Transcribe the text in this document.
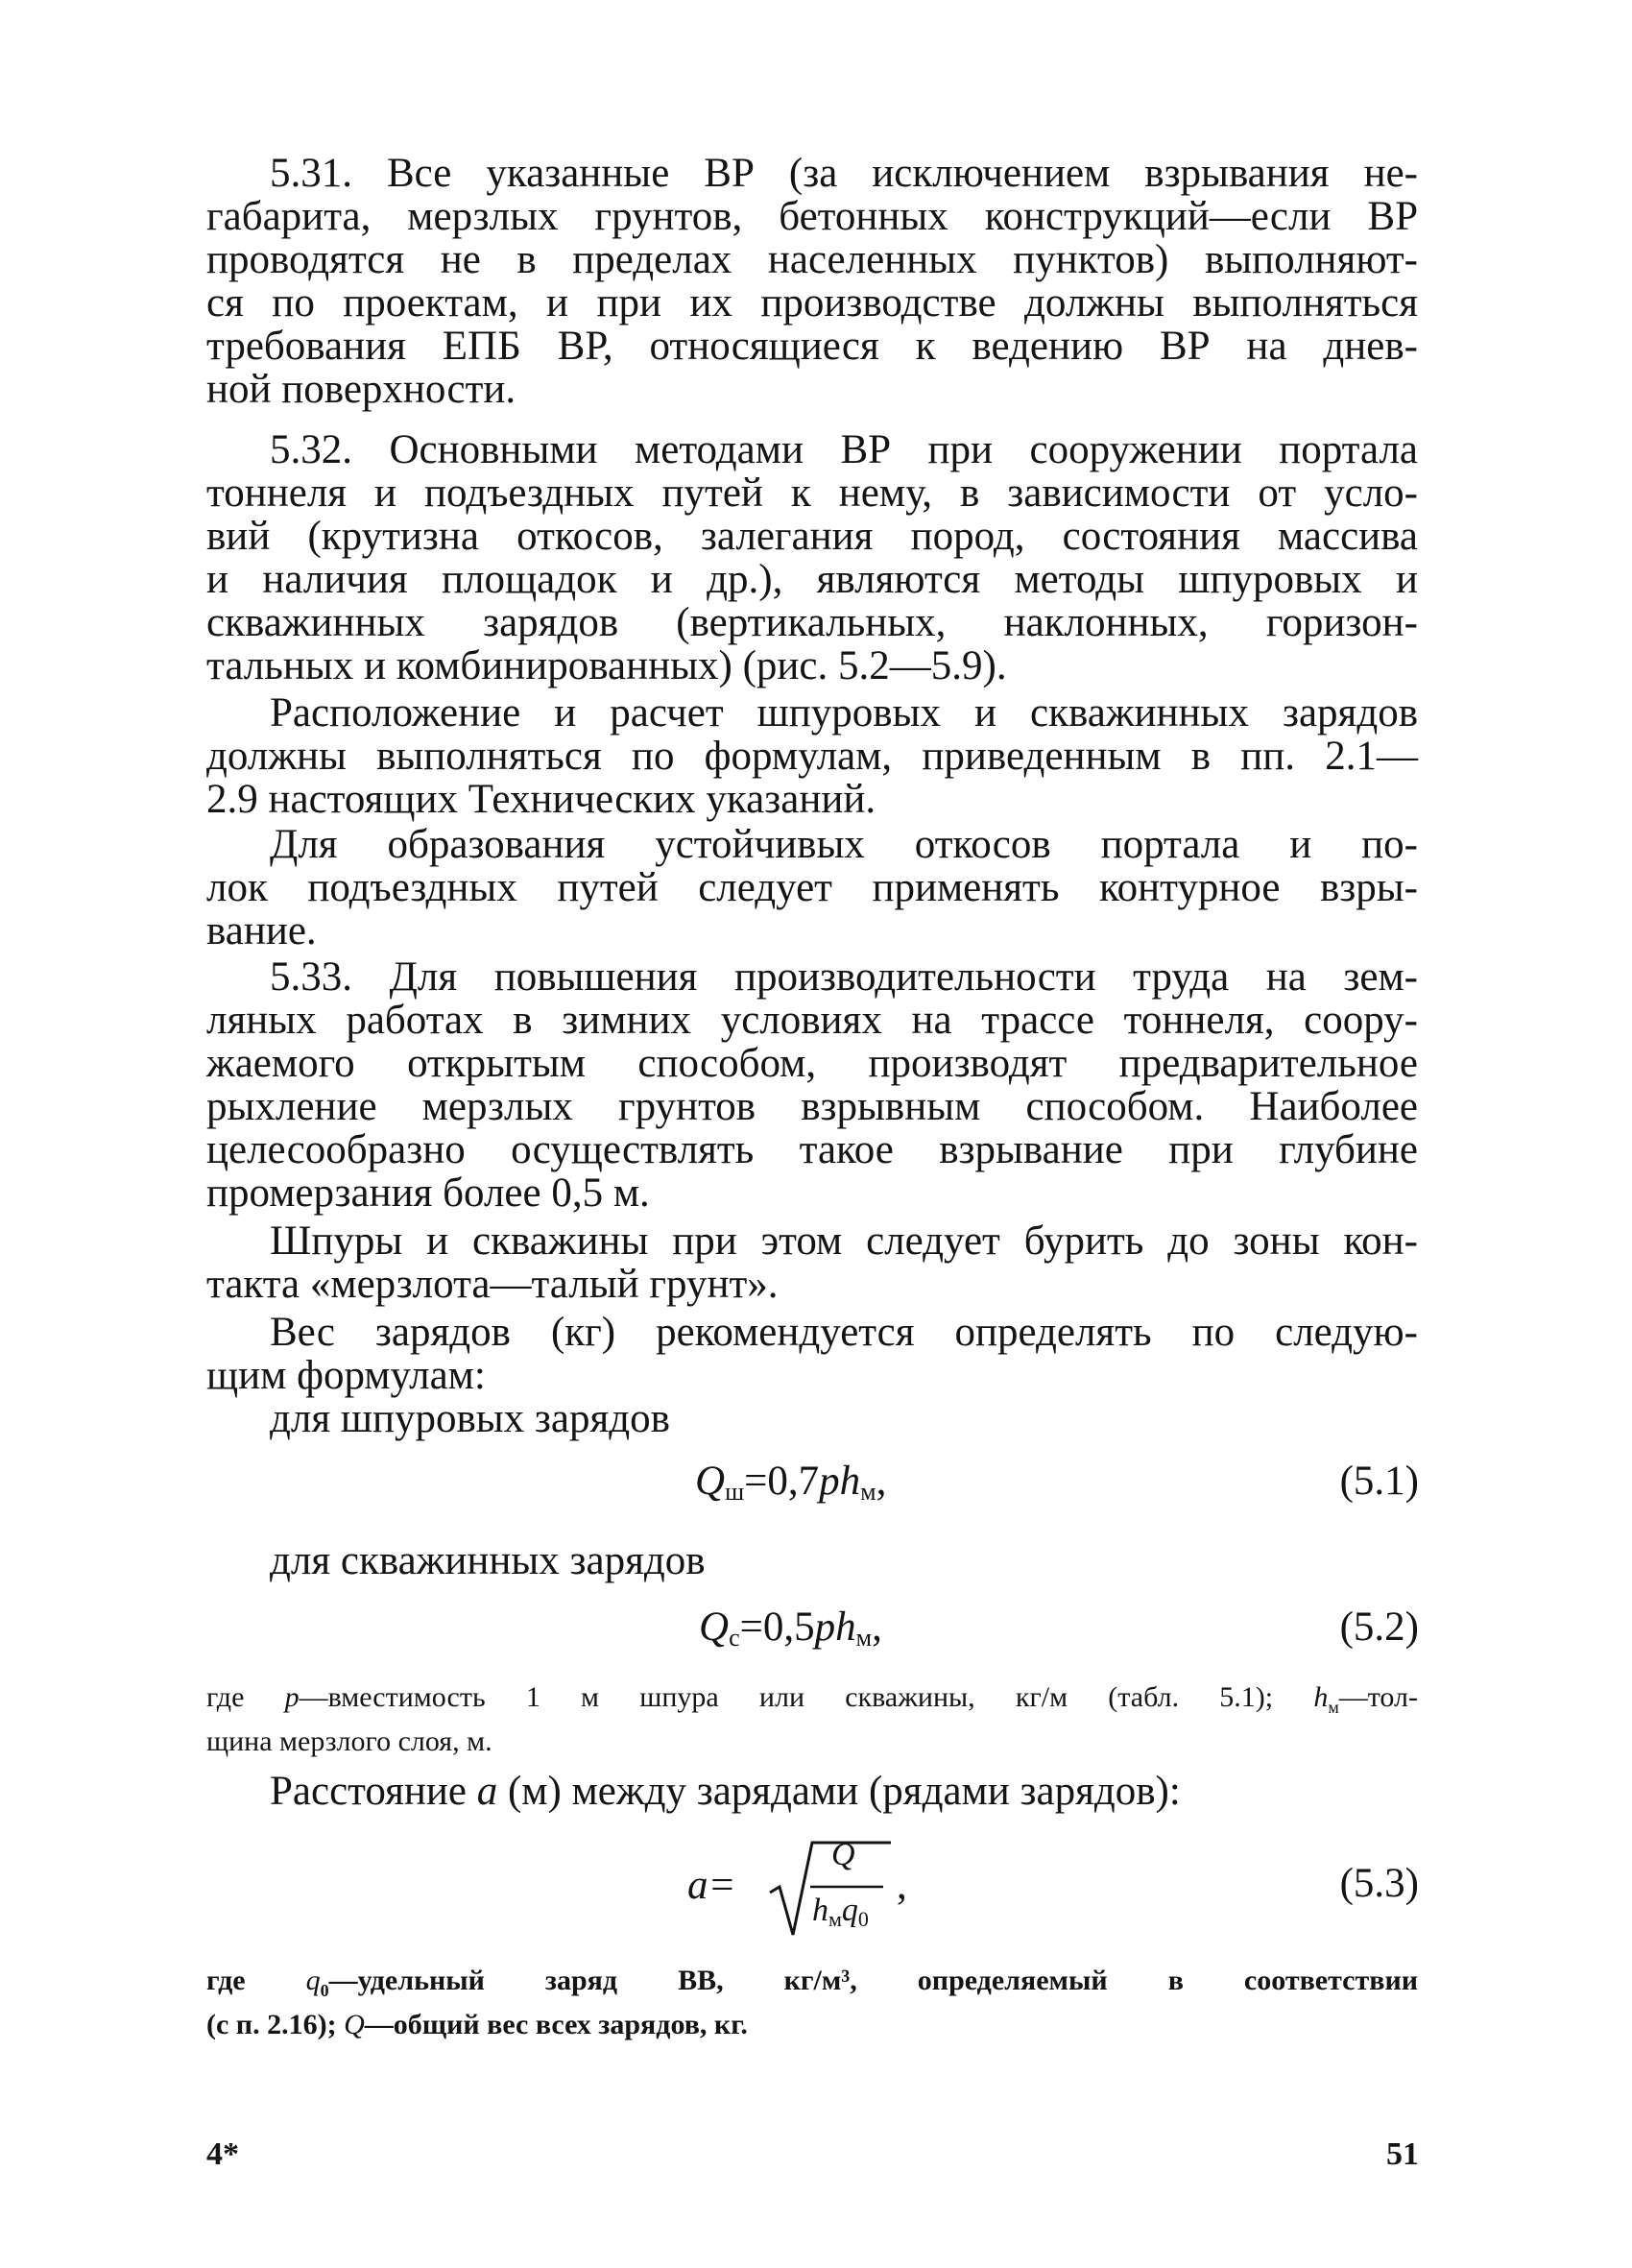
5.31. Все указанные ВР (за исключением взрывания не-
габарита, мерзлых грунтов, бетонных конструкций—если ВР
проводятся не в пределах населенных пунктов) выполняют-
ся по проектам, и при их производстве должны выполняться
требования ЕПБ ВР, относящиеся к ведению ВР на днев-
ной поверхности.
5.32. Основными методами ВР при сооружении портала
тоннеля и подъездных путей к нему, в зависимости от усло-
вий (крутизна откосов, залегания пород, состояния массива
и наличия площадок и др.), являются методы шпуровых и
скважинных зарядов (вертикальных, наклонных, горизон-
тальных и комбинированных) (рис. 5.2—5.9).
Расположение и расчет шпуровых и скважинных зарядов
должны выполняться по формулам, приведенным в пп. 2.1—
2.9 настоящих Технических указаний.
Для образования устойчивых откосов портала и по-
лок подъездных путей следует применять контурное взры-
вание.
5.33. Для повышения производительности труда на зем-
ляных работах в зимних условиях на трассе тоннеля, соору-
жаемого открытым способом, производят предварительное
рыхление мерзлых грунтов взрывным способом. Наиболее
целесообразно осуществлять такое взрывание при глубине
промерзания более 0,5 м.
Шпуры и скважины при этом следует бурить до зоны кон-
такта «мерзлота—талый грунт».
Вес зарядов (кг) рекомендуется определять по следую-
щим формулам:
для шпуровых зарядов
$Q_ш=0,7ph_м$,	(5.1)
для скважинных зарядов
$Q_с=0,5ph_м$,	(5.2)
где p—вместимость 1 м шпура или скважины, кг/м (табл. 5.1); $h_м—тол-$
щина мерзлого слоя, м.
Расстояние a (м) между зарядами (рядами зарядов):
a=
Q
$h_мq_0$
,	(5.3)
где $q_0—удельный$ заряд ВВ, кг/м³, определяемый в соответствии
(с п. 2.16); Q—общий вес всех зарядов, кг.
4*	51
